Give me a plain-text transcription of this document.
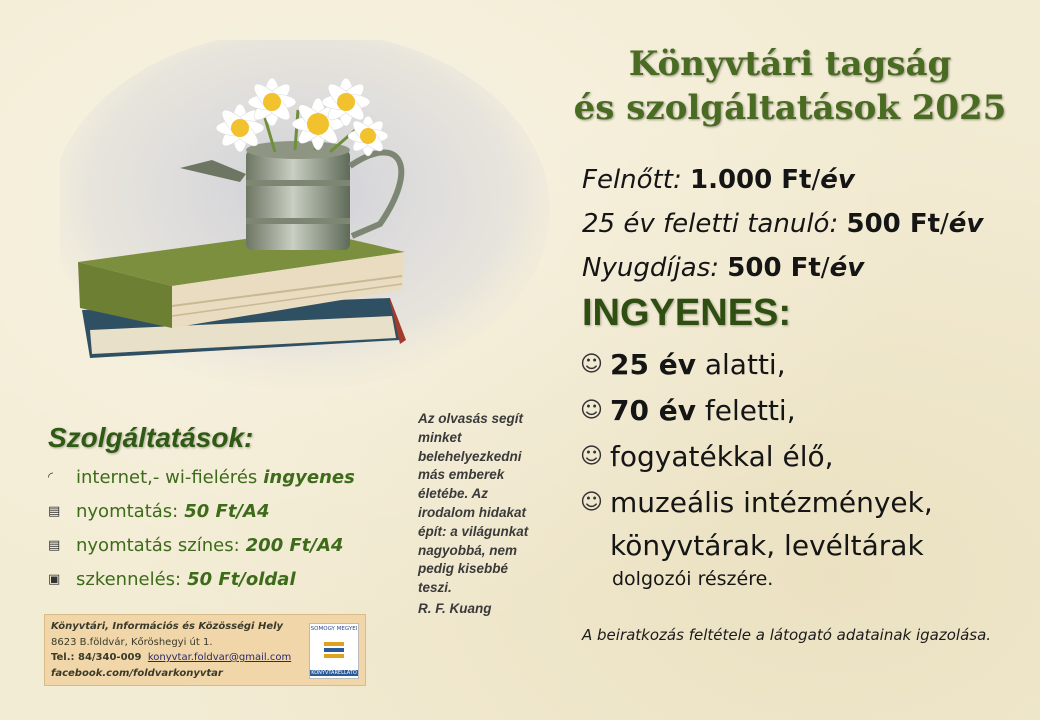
Könyvtári tagság
és szolgáltatások 2025
Felnőtt: 1.000 Ft/év
25 év feletti tanuló: 500 Ft/év
Nyugdíjas: 500 Ft/év
INGYENES:
☺ 25 év alatti,
☺ 70 év feletti,
☺ fogyatékkal élő,
☺ muzeális intézmények,
könyvtárak, levéltárak
dolgozói részére.
A beiratkozás feltétele a látogató adatainak igazolása.
Szolgáltatások:
◜	internet,- wi-fielérés ingyenes
▤ nyomtatás: 50 Ft/A4
▤ nyomtatás színes: 200 Ft/A4
▣ szkennelés: 50 Ft/oldal
Az olvasás segít
minket
belehelyezkedni
más emberek
életébe. Az
irodalom hidakat
épít: a világunkat
nagyobbá, nem
pedig kisebbé
teszi.
R. F. Kuang
Könyvtári, Információs és Közösségi Hely
8623 B.földvár, Kőröshegyi út 1.
Tel.: 84/340-009 konyvtar.foldvar@gmail.com
facebook.com/foldvarkonyvtar
SOMOGY MEGYEI
KÖNYVTÁRELLÁTÓ
